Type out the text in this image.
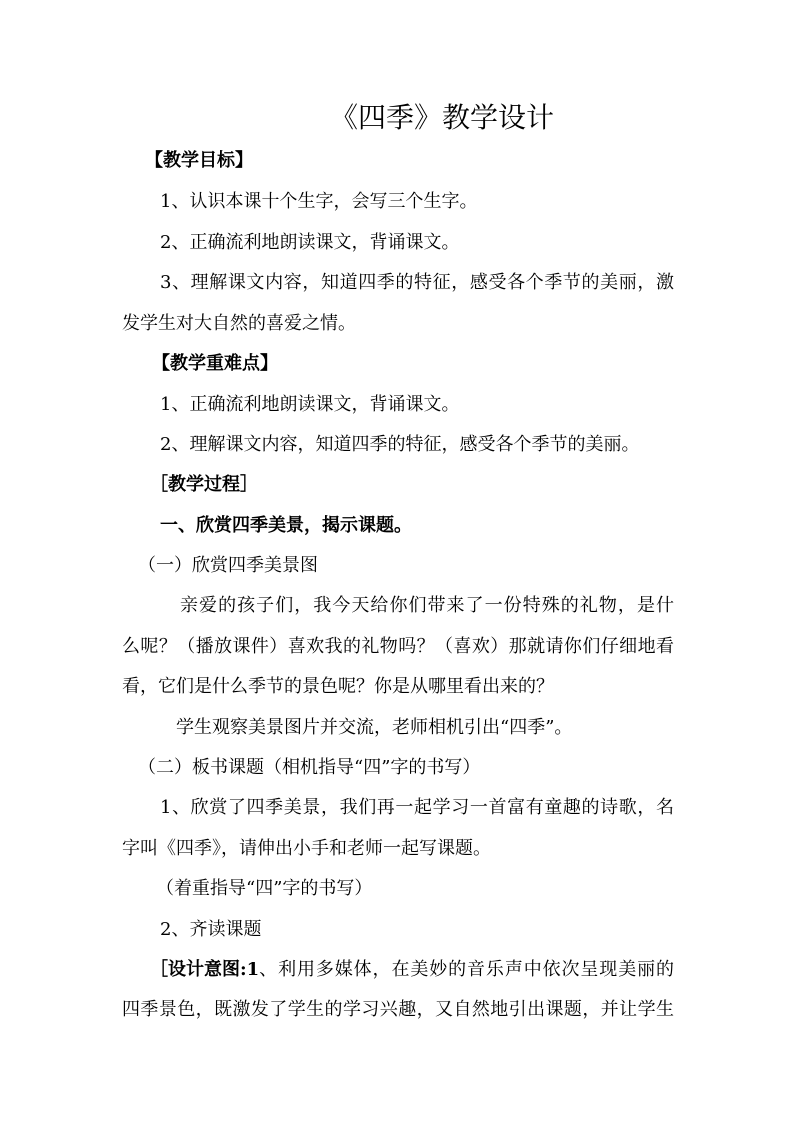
《四季》教学设计
【教学目标】
1、认识本课十个生字，会写三个生字。
2、正确流利地朗读课文，背诵课文。
3、理解课文内容，知道四季的特征，感受各个季节的美丽，激
发学生对大自然的喜爱之情。
【教学重难点】
1、正确流利地朗读课文，背诵课文。
2、理解课文内容，知道四季的特征，感受各个季节的美丽。
［教学过程］
一、欣赏四季美景，揭示课题。
（一）欣赏四季美景图
亲爱的孩子们，我今天给你们带来了一份特殊的礼物，是什
么呢？（播放课件）喜欢我的礼物吗？（喜欢）那就请你们仔细地看
看，它们是什么季节的景色呢？你是从哪里看出来的？
学生观察美景图片并交流，老师相机引出“四季”。
（二）板书课题（相机指导“四”字的书写）
1、欣赏了四季美景，我们再一起学习一首富有童趣的诗歌，名
字叫《四季》，请伸出小手和老师一起写课题。
（着重指导“四”字的书写）
2、齐读课题
［设计意图:1 、利用多媒体，在美妙的音乐声中依次呈现美丽的
四季景色，既激发了学生的学习兴趣，又自然地引出课题，并让学生
